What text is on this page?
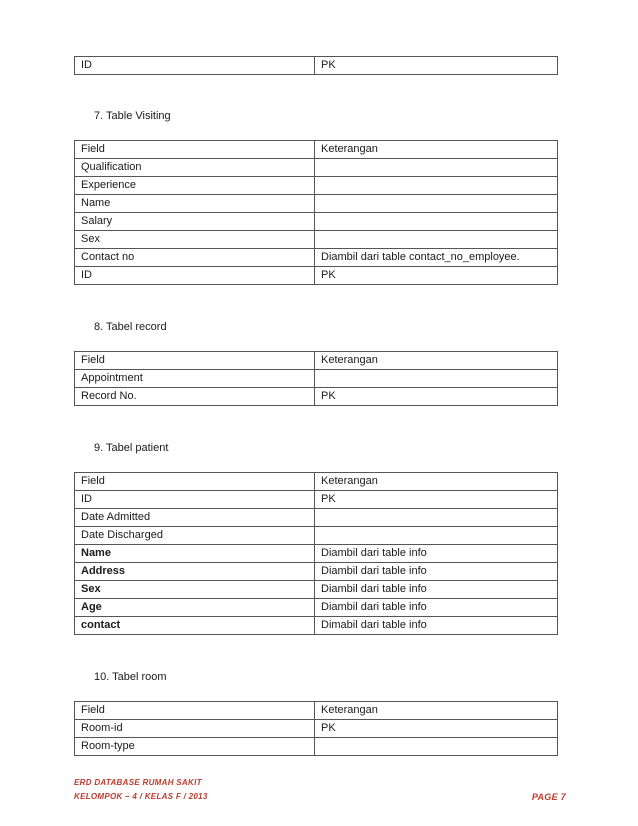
ID	PK
7. Table Visiting
Field	Keterangan
Qualification	
Experience	
Name	
Salary	
Sex	
Contact no	Diambil dari table contact_no_employee.
ID	PK
8. Tabel record
Field	Keterangan
Appointment	
Record No.	PK
9. Tabel patient
Field	Keterangan
ID	PK
Date Admitted	
Date Discharged	
Name	Diambil dari table info
Address	Diambil dari table info
Sex	Diambil dari table info
Age	Diambil dari table info
contact	Dimabil dari table info
10. Tabel room
Field	Keterangan
Room-id	PK
Room-type	
ERD DATABASE RUMAH SAKIT
KELOMPOK – 4 / KELAS F / 2013	PAGE 7
